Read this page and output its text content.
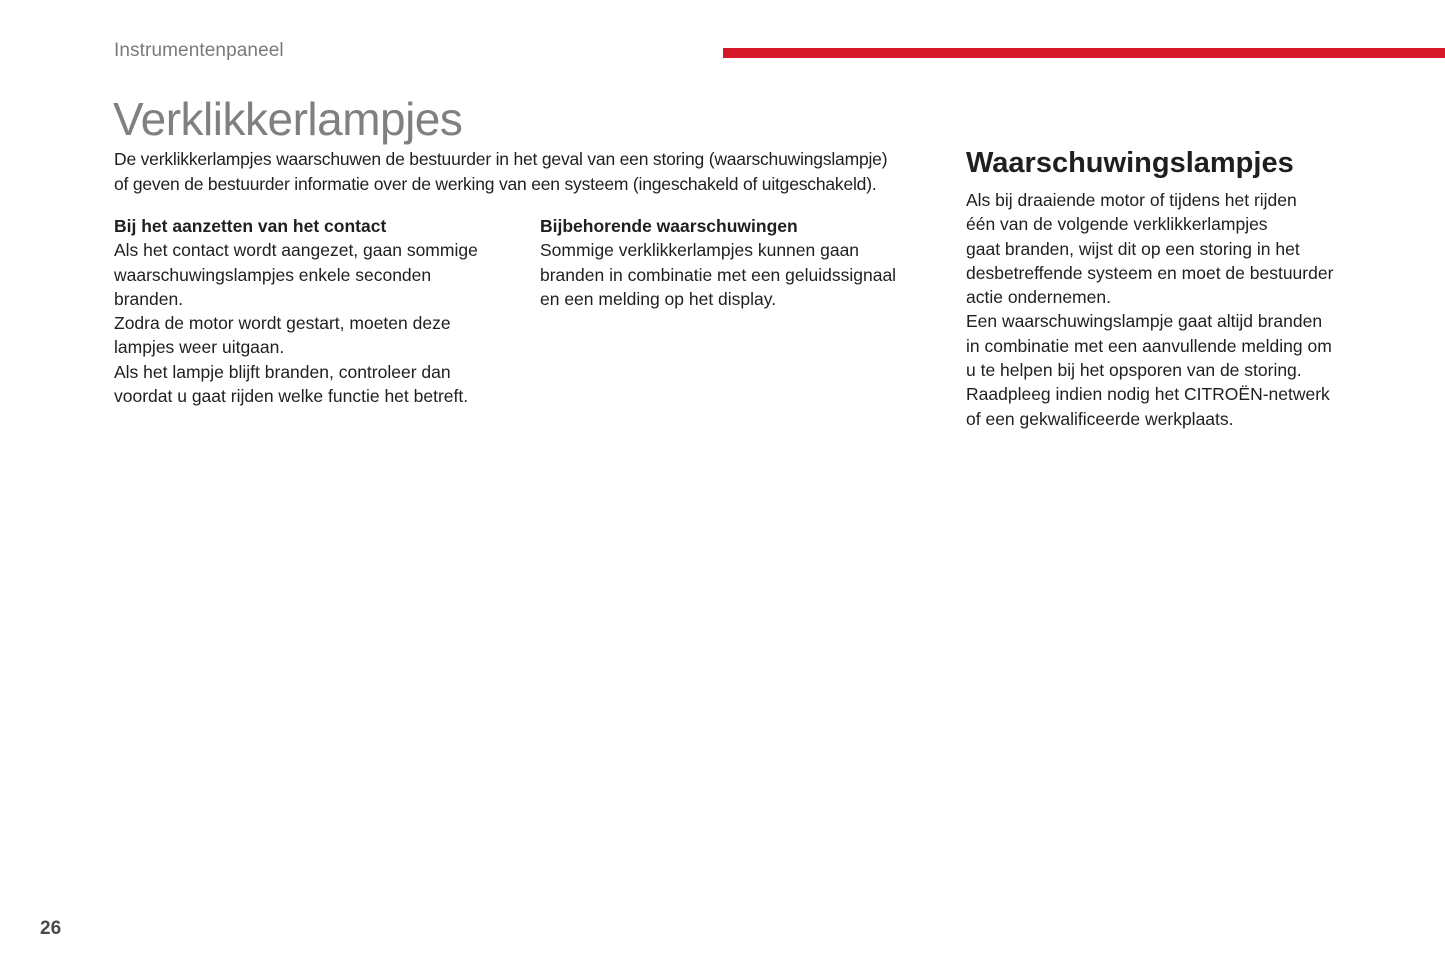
Instrumentenpaneel
Verklikkerlampjes

De verklikkerlampjes waarschuwen de bestuurder in het geval van een storing (waarschuwingslampje)
of geven de bestuurder informatie over de werking van een systeem (ingeschakeld of uitgeschakeld).

Bij het aanzetten van het contact

Als het contact wordt aangezet, gaan sommige
waarschuwingslampjes enkele seconden
branden.
Zodra de motor wordt gestart, moeten deze
lampjes weer uitgaan.
Als het lampje blijft branden, controleer dan
voordat u gaat rijden welke functie het betreft.

Bijbehorende waarschuwingen

Sommige verklikkerlampjes kunnen gaan
branden in combinatie met een geluidssignaal
en een melding op het display.

Waarschuwingslampjes

Als bij draaiende motor of tijdens het rijden
één van de volgende verklikkerlampjes
gaat branden, wijst dit op een storing in het
desbetreffende systeem en moet de bestuurder
actie ondernemen.
Een waarschuwingslampje gaat altijd branden
in combinatie met een aanvullende melding om
u te helpen bij het opsporen van de storing.
Raadpleeg indien nodig het CITROËN-netwerk
of een gekwalificeerde werkplaats.

26
